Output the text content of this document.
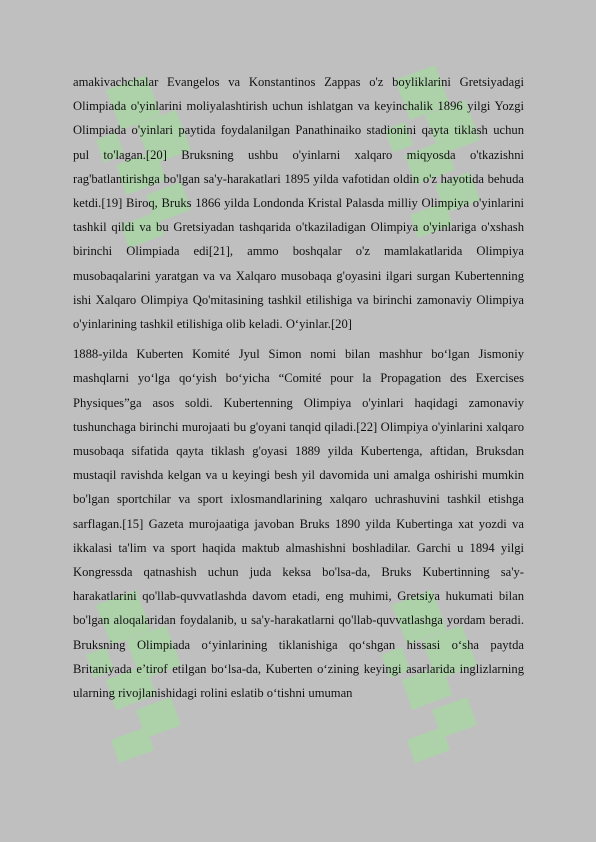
amakivachchalar Evangelos va Konstantinos Zappas o'z boyliklarini Gretsiyadagi Olimpiada o'yinlarini moliyalashtirish uchun ishlatgan va keyinchalik 1896 yilgi Yozgi Olimpiada o'yinlari paytida foydalanilgan Panathinaiko stadionini qayta tiklash uchun pul to'lagan.[20] Bruksning ushbu o'yinlarni xalqaro miqyosda o'tkazishni rag'batlantirishga bo'lgan sa'y-harakatlari 1895 yilda vafotidan oldin o'z hayotida behuda ketdi.[19] Biroq, Bruks 1866 yilda Londonda Kristal Palasda milliy Olimpiya o'yinlarini tashkil qildi va bu Gretsiyadan tashqarida o'tkaziladigan Olimpiya o'yinlariga o'xshash birinchi Olimpiada edi[21], ammo boshqalar o'z mamlakatlarida Olimpiya musobaqalarini yaratgan va va Xalqaro musobaqa g'oyasini ilgari surgan Kubertenning ishi Xalqaro Olimpiya Qo'mitasining tashkil etilishiga va birinchi zamonaviy Olimpiya o'yinlarining tashkil etilishiga olib keladi. O‘yinlar.[20]

1888-yilda Kuberten Komité Jyul Simon nomi bilan mashhur bo‘lgan Jismoniy mashqlarni yo‘lga qo‘yish bo‘yicha “Comité pour la Propagation des Exercises Physiques”ga asos soldi. Kubertenning Olimpiya o'yinlari haqidagi zamonaviy tushunchaga birinchi murojaati bu g'oyani tanqid qiladi.[22] Olimpiya o'yinlarini xalqaro musobaqa sifatida qayta tiklash g'oyasi 1889 yilda Kubertenga, aftidan, Bruksdan mustaqil ravishda kelgan va u keyingi besh yil davomida uni amalga oshirishi mumkin bo'lgan sportchilar va sport ixlosmandlarining xalqaro uchrashuvini tashkil etishga sarflagan.[15] Gazeta murojaatiga javoban Bruks 1890 yilda Kubertinga xat yozdi va ikkalasi ta'lim va sport haqida maktub almashishni boshladilar. Garchi u 1894 yilgi Kongressda qatnashish uchun juda keksa bo'lsa-da, Bruks Kubertinning sa'y-harakatlarini qo'llab-quvvatlashda davom etadi, eng muhimi, Gretsiya hukumati bilan bo'lgan aloqalaridan foydalanib, u sa'y-harakatlarni qo'llab-quvvatlashga yordam beradi. Bruksning Olimpiada o‘yinlarining tiklanishiga qo‘shgan hissasi o‘sha paytda Britaniyada e’tirof etilgan bo‘lsa-da, Kuberten o‘zining keyingi asarlarida inglizlarning ularning rivojlanishidagi rolini eslatib o‘tishni umuman
